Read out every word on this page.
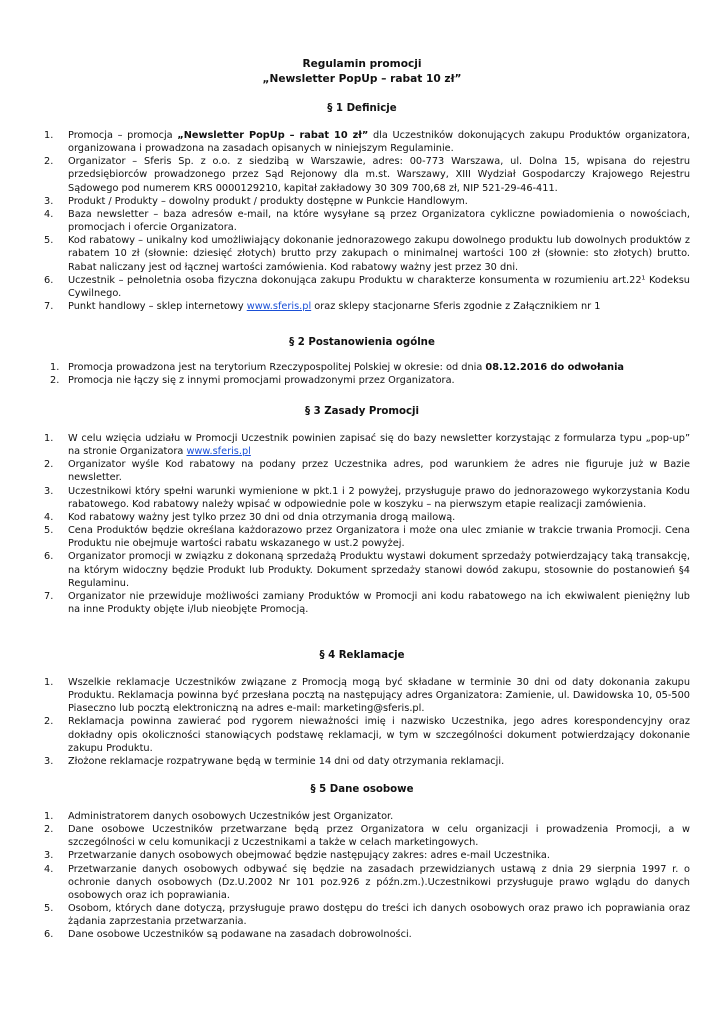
Regulamin promocji
„Newsletter PopUp – rabat 10 zł”
§ 1 Definicje
1. Promocja – promocja „Newsletter PopUp – rabat 10 zł” dla Uczestników dokonujących zakupu Produktów organizatora, organizowana i prowadzona na zasadach opisanych w niniejszym Regulaminie.
2. Organizator – Sferis Sp. z o.o. z siedzibą w Warszawie, adres: 00-773 Warszawa, ul. Dolna 15, wpisana do rejestru przedsiębiorców prowadzonego przez Sąd Rejonowy dla m.st. Warszawy, XIII Wydział Gospodarczy Krajowego Rejestru Sądowego pod numerem KRS 0000129210, kapitał zakładowy 30 309 700,68 zł, NIP 521-29-46-411.
3. Produkt / Produkty – dowolny produkt / produkty dostępne w Punkcie Handlowym.
4. Baza newsletter – baza adresów e-mail, na które wysyłane są przez Organizatora cykliczne powiadomienia o nowościach, promocjach i ofercie Organizatora.
5. Kod rabatowy – unikalny kod umożliwiający dokonanie jednorazowego zakupu dowolnego produktu lub dowolnych produktów z rabatem 10 zł (słownie: dziesięć złotych) brutto przy zakupach o minimalnej wartości 100 zł (słownie: sto złotych) brutto. Rabat naliczany jest od łącznej wartości zamówienia. Kod rabatowy ważny jest przez 30 dni.
6. Uczestnik – pełnoletnia osoba fizyczna dokonująca zakupu Produktu w charakterze konsumenta w rozumieniu art.22¹ Kodeksu Cywilnego.
7. Punkt handlowy – sklep internetowy www.sferis.pl oraz sklepy stacjonarne Sferis zgodnie z Załącznikiem nr 1
§ 2 Postanowienia ogólne
1. Promocja prowadzona jest na terytorium Rzeczypospolitej Polskiej w okresie: od dnia 08.12.2016 do odwołania
2. Promocja nie łączy się z innymi promocjami prowadzonymi przez Organizatora.
§ 3 Zasady Promocji
1. W celu wzięcia udziału w Promocji Uczestnik powinien zapisać się do bazy newsletter korzystając z formularza typu „pop-up” na stronie Organizatora www.sferis.pl
2. Organizator wyśle Kod rabatowy na podany przez Uczestnika adres, pod warunkiem że adres nie figuruje już w Bazie newsletter.
3. Uczestnikowi który spełni warunki wymienione w pkt.1 i 2 powyżej, przysługuje prawo do jednorazowego wykorzystania Kodu rabatowego. Kod rabatowy należy wpisać w odpowiednie pole w koszyku – na pierwszym etapie realizacji zamówienia.
4. Kod rabatowy ważny jest tylko przez 30 dni od dnia otrzymania drogą mailową.
5. Cena Produktów będzie określana każdorazowo przez Organizatora i może ona ulec zmianie w trakcie trwania Promocji. Cena Produktu nie obejmuje wartości rabatu wskazanego w ust.2 powyżej.
6. Organizator promocji w związku z dokonaną sprzedażą Produktu wystawi dokument sprzedaży potwierdzający taką transakcję, na którym widoczny będzie Produkt lub Produkty. Dokument sprzedaży stanowi dowód zakupu, stosownie do postanowień §4 Regulaminu.
7. Organizator nie przewiduje możliwości zamiany Produktów w Promocji ani kodu rabatowego na ich ekwiwalent pieniężny lub na inne Produkty objęte i/lub nieobjęte Promocją.
§ 4 Reklamacje
1. Wszelkie reklamacje Uczestników związane z Promocją mogą być składane w terminie 30 dni od daty dokonania zakupu Produktu. Reklamacja powinna być przesłana pocztą na następujący adres Organizatora: Zamienie, ul. Dawidowska 10, 05-500 Piaseczno lub pocztą elektroniczną na adres e-mail: marketing@sferis.pl.
2. Reklamacja powinna zawierać pod rygorem nieważności imię i nazwisko Uczestnika, jego adres korespondencyjny oraz dokładny opis okoliczności stanowiących podstawę reklamacji, w tym w szczególności dokument potwierdzający dokonanie zakupu Produktu.
3. Złożone reklamacje rozpatrywane będą w terminie 14 dni od daty otrzymania reklamacji.
§ 5 Dane osobowe
1. Administratorem danych osobowych Uczestników jest Organizator.
2. Dane osobowe Uczestników przetwarzane będą przez Organizatora w celu organizacji i prowadzenia Promocji, a w szczególności w celu komunikacji z Uczestnikami a także w celach marketingowych.
3. Przetwarzanie danych osobowych obejmować będzie następujący zakres: adres e-mail Uczestnika.
4. Przetwarzanie danych osobowych odbywać się będzie na zasadach przewidzianych ustawą z dnia 29 sierpnia 1997 r. o ochronie danych osobowych (Dz.U.2002 Nr 101 poz.926 z późn.zm.).Uczestnikowi przysługuje prawo wglądu do danych osobowych oraz ich poprawiania.
5. Osobom, których dane dotyczą, przysługuje prawo dostępu do treści ich danych osobowych oraz prawo ich poprawiania oraz żądania zaprzestania przetwarzania.
6. Dane osobowe Uczestników są podawane na zasadach dobrowolności.
